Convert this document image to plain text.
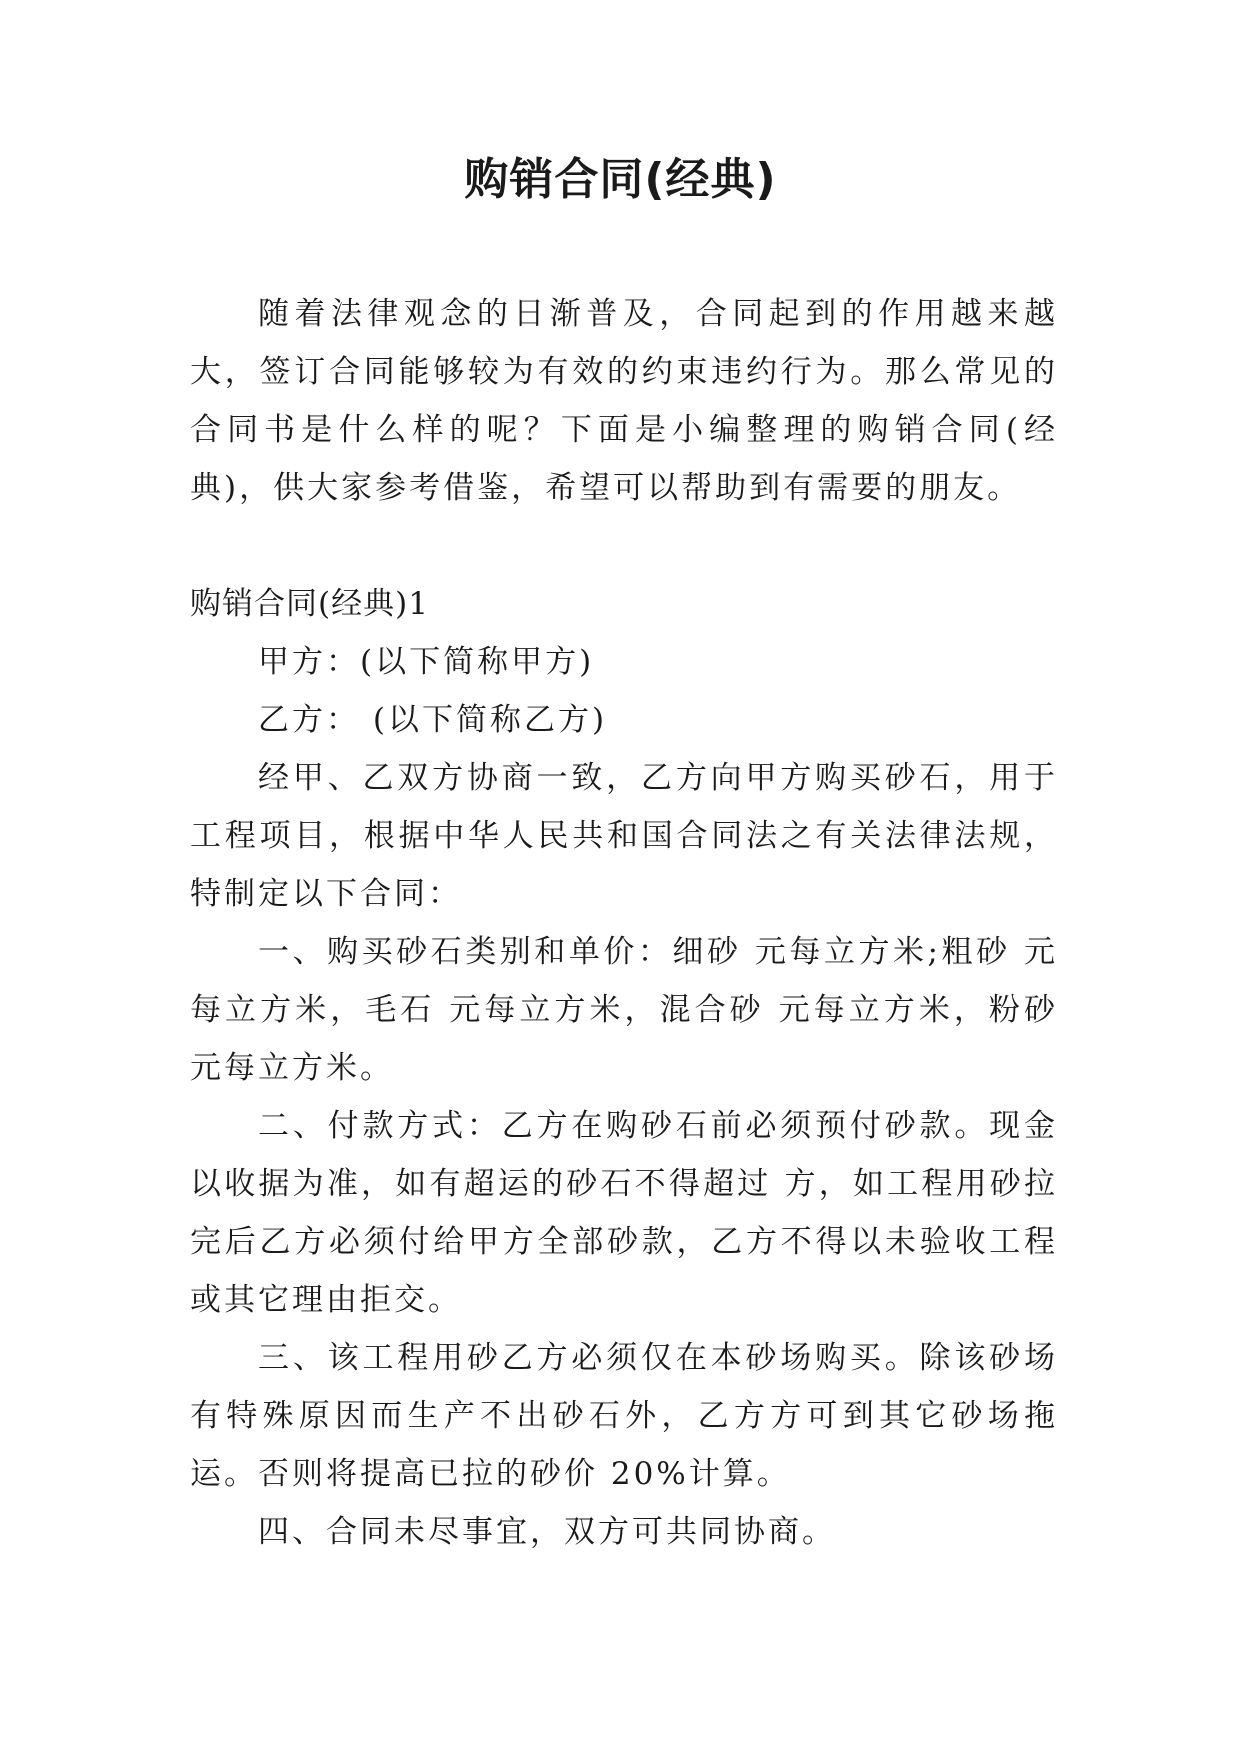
购销合同(经典)

随着法律观念的日渐普及，合同起到的作用越来越大，签订合同能够较为有效的约束违约行为。那么常见的合同书是什么样的呢？下面是小编整理的购销合同(经典)，供大家参考借鉴，希望可以帮助到有需要的朋友。

购销合同(经典)1

甲方：(以下简称甲方)

乙方： (以下简称乙方)

经甲、乙双方协商一致，乙方向甲方购买砂石，用于工程项目，根据中华人民共和国合同法之有关法律法规，特制定以下合同：

一、购买砂石类别和单价：细砂 元每立方米;粗砂 元每立方米，毛石 元每立方米，混合砂 元每立方米，粉砂 元每立方米。

二、付款方式：乙方在购砂石前必须预付砂款。现金以收据为准，如有超运的砂石不得超过 方，如工程用砂拉完后乙方必须付给甲方全部砂款，乙方不得以未验收工程或其它理由拒交。

三、该工程用砂乙方必须仅在本砂场购买。除该砂场有特殊原因而生产不出砂石外，乙方方可到其它砂场拖运。否则将提高已拉的砂价 20%计算。

四、合同未尽事宜，双方可共同协商。
